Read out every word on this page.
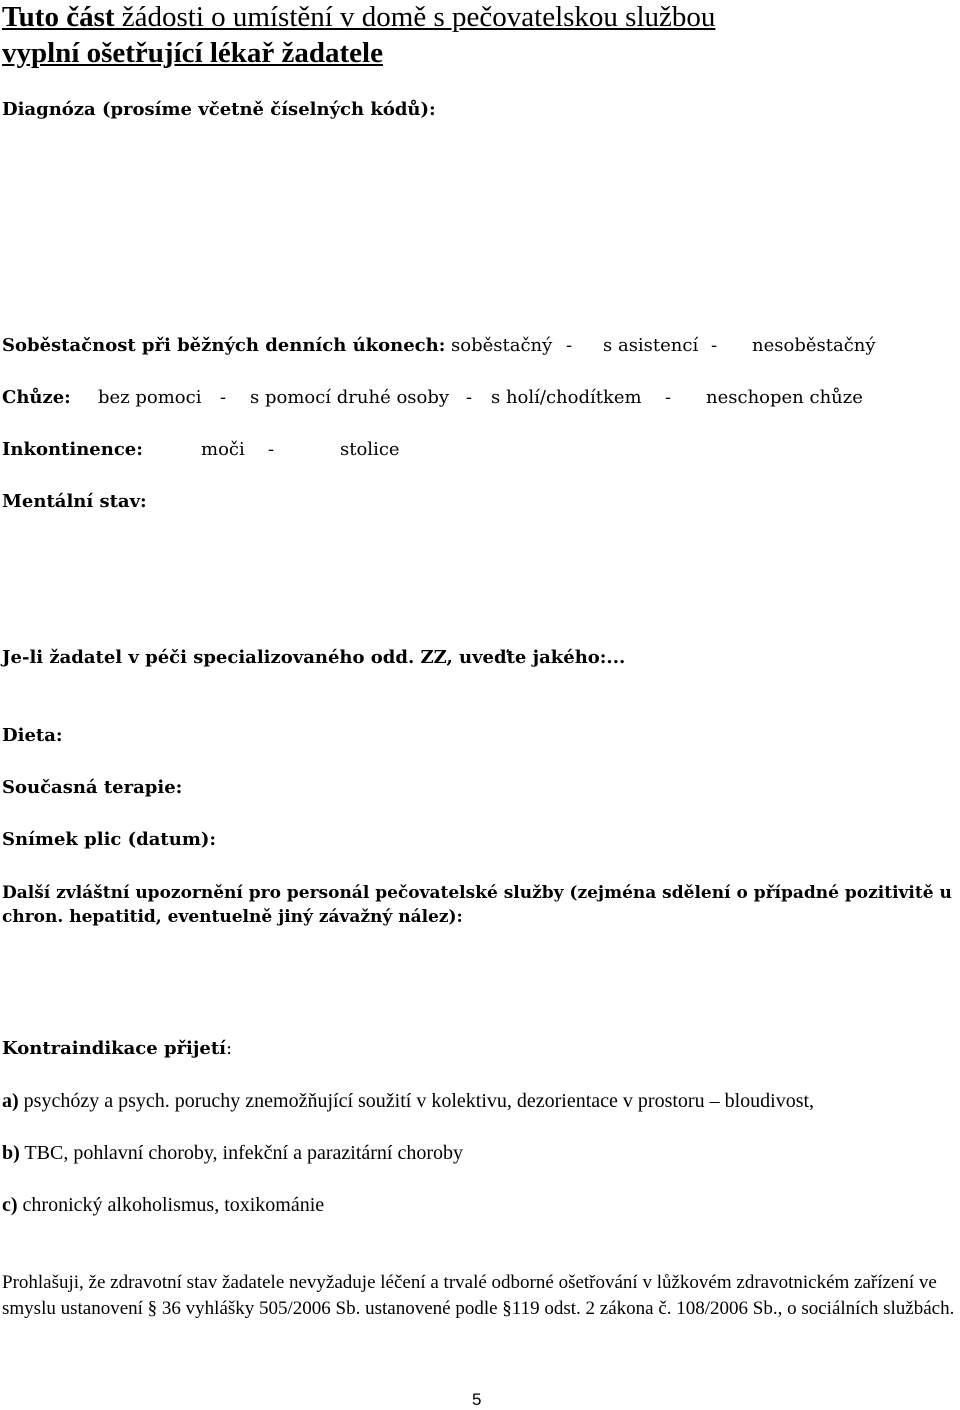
Tuto část žádosti o umístění v domě s pečovatelskou službou
vyplní ošetřující lékař žadatele
Diagnóza (prosíme včetně číselných kódů):
Soběstačnost při běžných denních úkonech: soběstačný - s asistencí - nesoběstačný
Chůze: bez pomoci - s pomocí druhé osoby - s holí/chodítkem - neschopen chůze
Inkontinence:	moči -	stolice
Mentální stav:
Je-li žadatel v péči specializovaného odd. ZZ, uveďte jakého:...
Dieta:
Současná terapie:
Snímek plic (datum):
Další zvláštní upozornění pro personál pečovatelské služby (zejména sdělení o případné pozitivitě u chron. hepatitid, eventuelně jiný závažný nález):
Kontraindikace přijetí:
a) psychózy a psych. poruchy znemožňující soužití v kolektivu, dezorientace v prostoru – bloudivost,
b) TBC, pohlavní choroby, infekční a parazitární choroby
c) chronický alkoholismus, toxikománie
Prohlašuji, že zdravotní stav žadatele nevyžaduje léčení a trvalé odborné ošetřování v lůžkovém zdravotnickém zařízení ve smyslu ustanovení § 36 vyhlášky 505/2006 Sb. ustanovené podle §119 odst. 2 zákona č. 108/2006 Sb., o sociálních službách.
5
